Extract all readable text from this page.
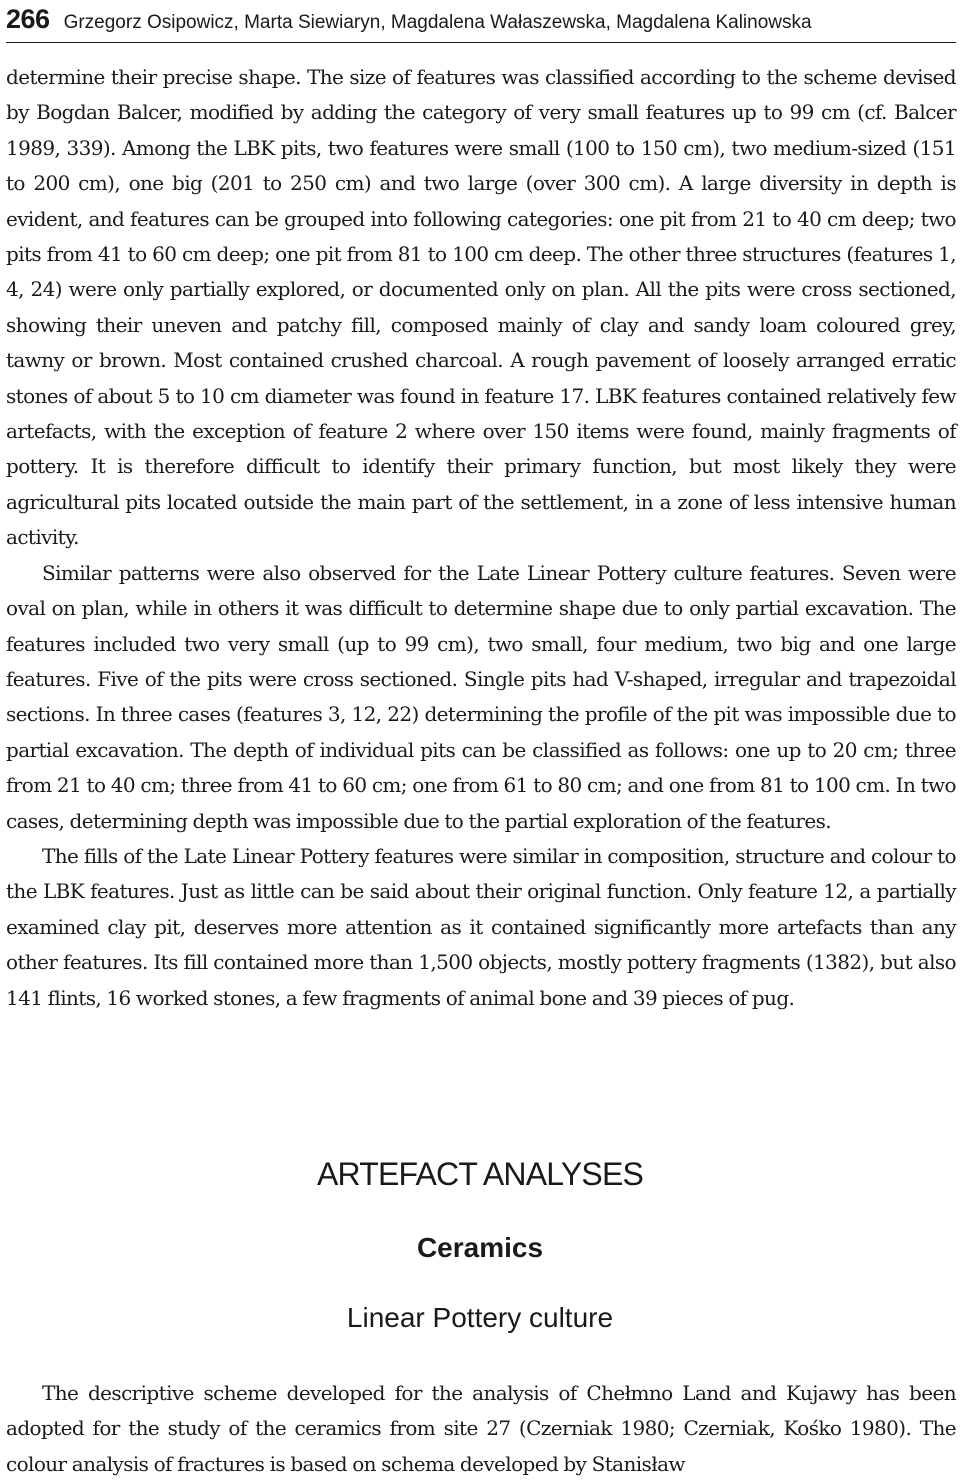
266 Grzegorz Osipowicz, Marta Siewiaryn, Magdalena Wałaszewska, Magdalena Kalinowska

determine their precise shape. The size of features was classified according to the scheme devised by Bogdan Balcer, modified by adding the category of very small features up to 99 cm (cf. Balcer 1989, 339). Among the LBK pits, two features were small (100 to 150 cm), two medium-sized (151 to 200 cm), one big (201 to 250 cm) and two large (over 300 cm). A large diversity in depth is evident, and features can be grouped into following categories: one pit from 21 to 40 cm deep; two pits from 41 to 60 cm deep; one pit from 81 to 100 cm deep. The other three structures (features 1, 4, 24) were only partially explored, or documented only on plan. All the pits were cross sectioned, showing their uneven and patchy fill, composed mainly of clay and sandy loam coloured grey, tawny or brown. Most contained crushed charcoal. A rough pavement of loosely arranged erratic stones of about 5 to 10 cm diameter was found in feature 17. LBK features contained relatively few artefacts, with the exception of feature 2 where over 150 items were found, mainly fragments of pottery. It is therefore difficult to identify their primary function, but most likely they were agricultural pits located outside the main part of the settlement, in a zone of less intensive human activity.

Similar patterns were also observed for the Late Linear Pottery culture features. Seven were oval on plan, while in others it was difficult to determine shape due to only partial excavation. The features included two very small (up to 99 cm), two small, four medium, two big and one large features. Five of the pits were cross sectioned. Single pits had V-shaped, irregular and trapezoidal sections. In three cases (features 3, 12, 22) determining the profile of the pit was impossible due to partial excavation. The depth of individual pits can be classified as follows: one up to 20 cm; three from 21 to 40 cm; three from 41 to 60 cm; one from 61 to 80 cm; and one from 81 to 100 cm. In two cases, determining depth was impossible due to the partial exploration of the features.

The fills of the Late Linear Pottery features were similar in composition, structure and colour to the LBK features. Just as little can be said about their original function. Only feature 12, a partially examined clay pit, deserves more attention as it contained significantly more artefacts than any other features. Its fill contained more than 1,500 objects, mostly pottery fragments (1382), but also 141 flints, 16 worked stones, a few fragments of animal bone and 39 pieces of pug.

ARTEFACT ANALYSES
Ceramics
Linear Pottery culture

The descriptive scheme developed for the analysis of Chełmno Land and Kujawy has been adopted for the study of the ceramics from site 27 (Czerniak 1980; Czerniak, Kośko 1980). The colour analysis of fractures is based on schema developed by Stanisław
